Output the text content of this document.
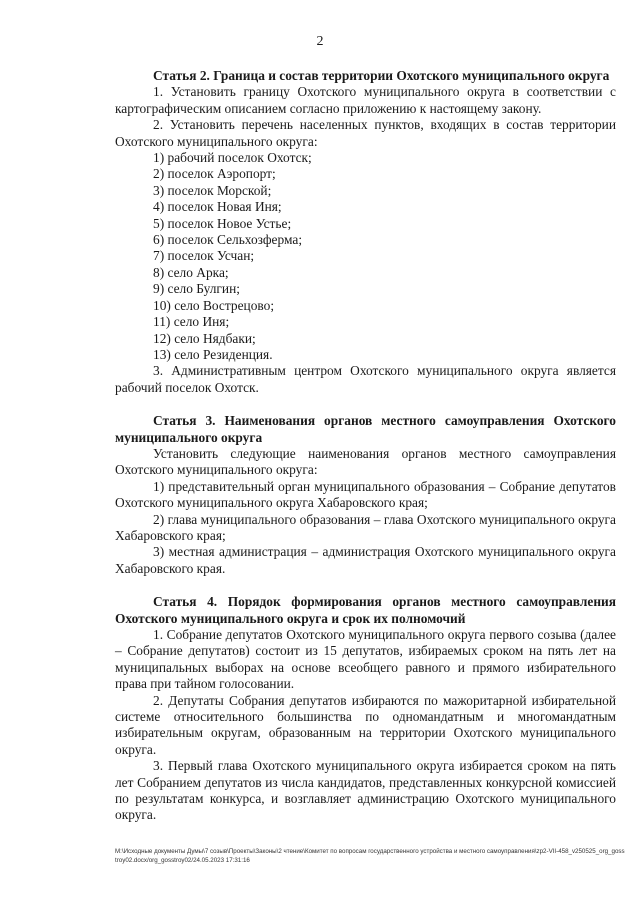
2

Статья 2. Граница и состав территории Охотского муниципального округа

1. Установить границу Охотского муниципального округа в соответствии с картографическим описанием согласно приложению к настоящему закону.

2. Установить перечень населенных пунктов, входящих в состав территории Охотского муниципального округа:

1) рабочий поселок Охотск;

2) поселок Аэропорт;

3) поселок Морской;

4) поселок Новая Иня;

5) поселок Новое Устье;

6) поселок Сельхозферма;

7) поселок Усчан;

8) село Арка;

9) село Булгин;

10) село Вострецово;

11) село Иня;

12) село Нядбаки;

13) село Резиденция.

3. Административным центром Охотского муниципального округа является рабочий поселок Охотск.

Статья 3. Наименования органов местного самоуправления Охотского муниципального округа

Установить следующие наименования органов местного самоуправления Охотского муниципального округа:

1) представительный орган муниципального образования – Собрание депутатов Охотского муниципального округа Хабаровского края;

2) глава муниципального образования – глава Охотского муниципального округа Хабаровского края;

3) местная администрация – администрация Охотского муниципального округа Хабаровского края.

Статья 4. Порядок формирования органов местного самоуправления Охотского муниципального округа и срок их полномочий

1. Собрание депутатов Охотского муниципального округа первого созыва (далее – Собрание депутатов) состоит из 15 депутатов, избираемых сроком на пять лет на муниципальных выборах на основе всеобщего равного и прямого избирательного права при тайном голосовании.

2. Депутаты Собрания депутатов избираются по мажоритарной избирательной системе относительного большинства по одномандатным и многомандатным избирательным округам, образованным на территории Охотского муниципального округа.

3. Первый глава Охотского муниципального округа избирается сроком на пять лет Собранием депутатов из числа кандидатов, представленных конкурсной комиссией по результатам конкурса, и возглавляет администрацию Охотского муниципального округа.

M:\Исходные документы Думы\7 созыв\Проекты\Законы\2 чтение\Комитет по вопросам государственного устройства и местного самоуправления\zp2-VII-458_v250525_org_gosstroy02.docx/org_gosstroy02/24.05.2023 17:31:16
